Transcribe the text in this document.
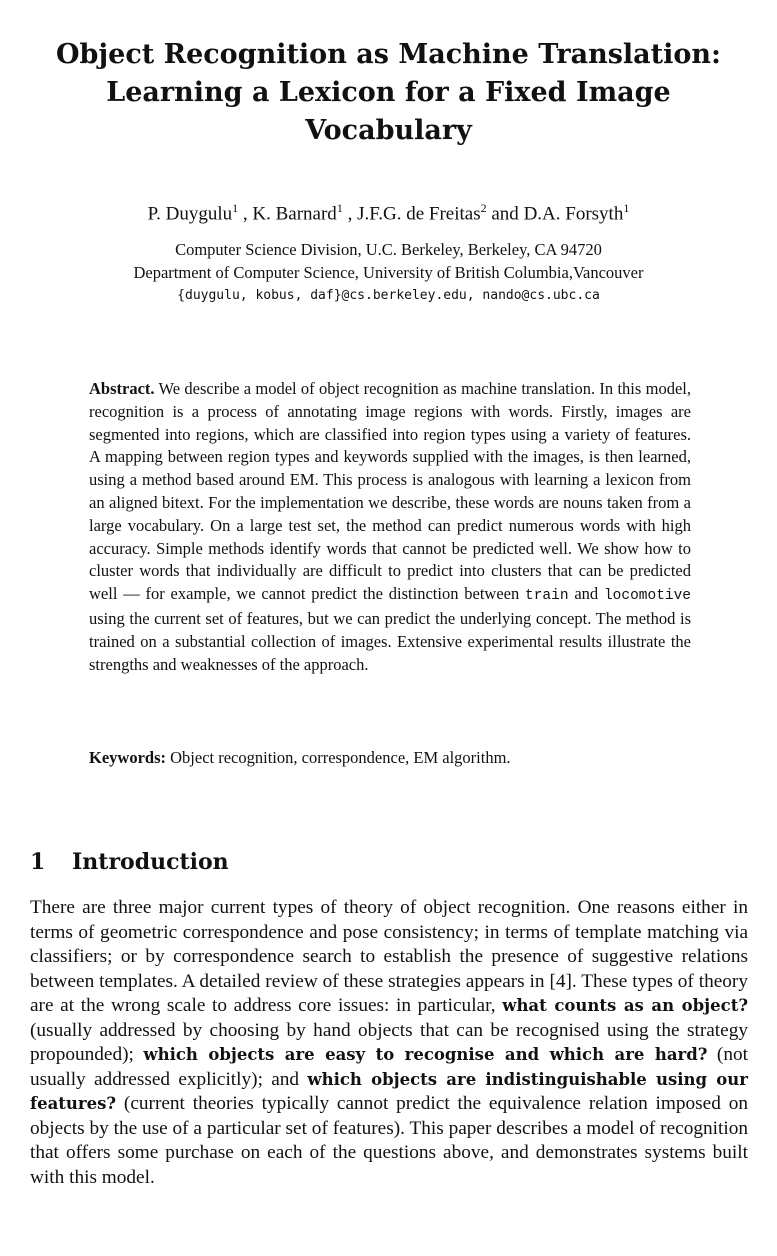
Object Recognition as Machine Translation: Learning a Lexicon for a Fixed Image Vocabulary
P. Duygulu$^1$ , K. Barnard$^1$ , J.F.G. de Freitas$^2$ and D.A. Forsyth$^1$
Computer Science Division, U.C. Berkeley, Berkeley, CA 94720
Department of Computer Science, University of British Columbia,Vancouver
{duygulu, kobus, daf}@cs.berkeley.edu, nando@cs.ubc.ca
Abstract. We describe a model of object recognition as machine translation. In this model, recognition is a process of annotating image regions with words. Firstly, images are segmented into regions, which are classified into region types using a variety of features. A mapping between region types and keywords supplied with the images, is then learned, using a method based around EM. This process is analogous with learning a lexicon from an aligned bitext. For the implementation we describe, these words are nouns taken from a large vocabulary. On a large test set, the method can predict numerous words with high accuracy. Simple methods identify words that cannot be predicted well. We show how to cluster words that individually are difficult to predict into clusters that can be predicted well — for example, we cannot predict the distinction between train and locomotive using the current set of features, but we can predict the underlying concept. The method is trained on a substantial collection of images. Extensive experimental results illustrate the strengths and weaknesses of the approach.
Keywords: Object recognition, correspondence, EM algorithm.
1 Introduction
There are three major current types of theory of object recognition. One reasons either in terms of geometric correspondence and pose consistency; in terms of template matching via classifiers; or by correspondence search to establish the presence of suggestive relations between templates. A detailed review of these strategies appears in [4]. These types of theory are at the wrong scale to address core issues: in particular, what counts as an object? (usually addressed by choosing by hand objects that can be recognised using the strategy propounded); which objects are easy to recognise and which are hard? (not usually addressed explicitly); and which objects are indistinguishable using our features? (current theories typically cannot predict the equivalence relation imposed on objects by the use of a particular set of features). This paper describes a model of recognition that offers some purchase on each of the questions above, and demonstrates systems built with this model.
